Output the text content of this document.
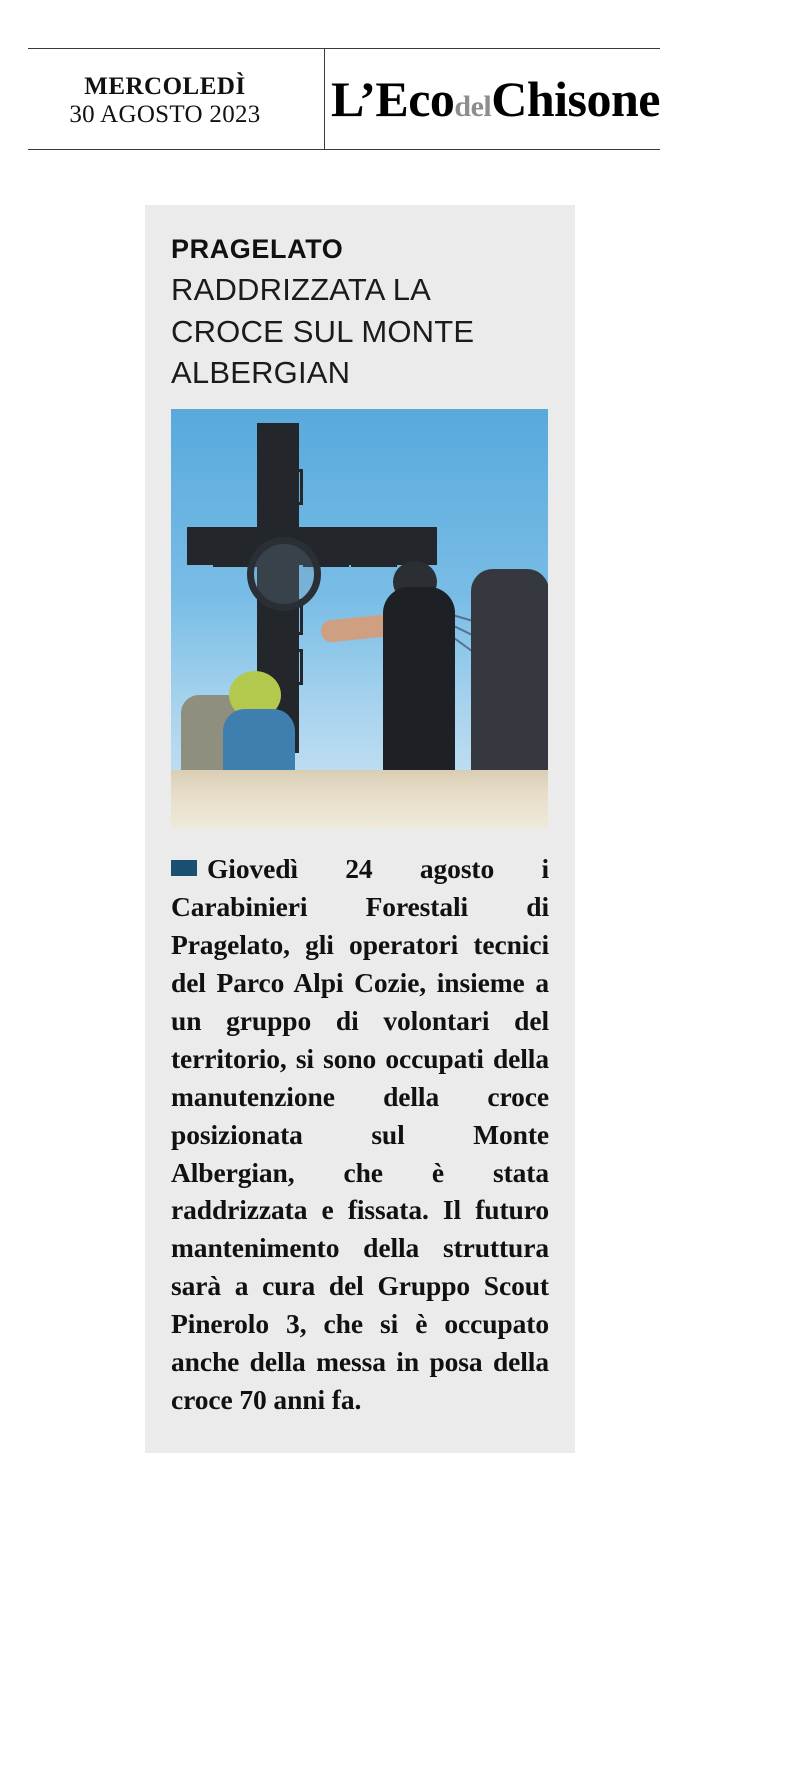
MERCOLEDÌ
30 AGOSTO 2023 L’EcodelChisone
PRAGELATO
RADDRIZZATA LA CROCE SUL MONTE ALBERGIAN

Giovedì 24 agosto i Carabinieri Forestali di Pragelato, gli operatori tecnici del Parco Alpi Cozie, insieme a un gruppo di volontari del territorio, si sono occupati della manutenzione della croce posizionata sul Monte Albergian, che è stata raddrizzata e fissata. Il futuro mantenimento della struttura sarà a cura del Gruppo Scout Pinerolo 3, che si è occupato anche della messa in posa della croce 70 anni fa.
